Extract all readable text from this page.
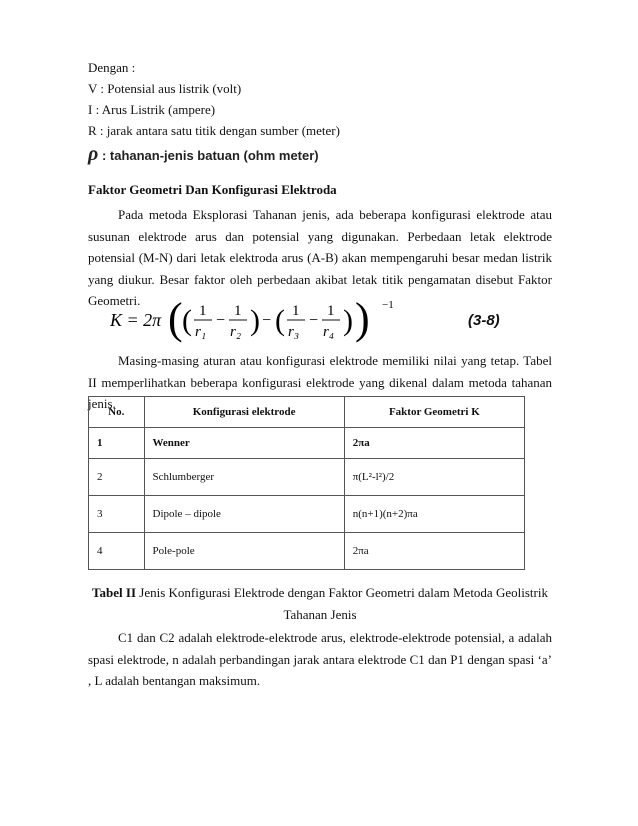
Dengan :
V : Potensial aus listrik (volt)
I : Arus Listrik (ampere)
R : jarak antara satu titik dengan sumber (meter)
ρ : tahanan-jenis batuan (ohm meter)
Faktor Geometri Dan Konfigurasi Elektroda

Pada metoda Eksplorasi Tahanan jenis, ada beberapa konfigurasi elektrode atau susunan elektrode arus dan potensial yang digunakan. Perbedaan letak elektrode potensial (M-N) dari letak elektroda arus (A-B) akan mempengaruhi besar medan listrik yang diukur. Besar faktor oleh perbedaan akibat letak titik pengamatan disebut Faktor Geometri.

K = 2π ( ( 1
r₁
−
1
r₂ ) − ( 1
r₃
−
1
r₄ ) ) −1
(3-8)

Masing-masing aturan atau konfigurasi elektrode memiliki nilai yang tetap. Tabel II memperlihatkan beberapa konfigurasi elektrode yang dikenal dalam metoda tahanan jenis.

No.	Konfigurasi elektrode	Faktor Geometri K
1	Wenner	2πa
2	Schlumberger	π(L²-l²)/2
3	Dipole – dipole	n(n+1)(n+2)πa
4	Pole-pole	2πa
Tabel II Jenis Konfigurasi Elektrode dengan Faktor Geometri dalam Metoda Geolistrik Tahanan Jenis

C1 dan C2 adalah elektrode-elektrode arus, elektrode-elektrode potensial, a adalah spasi elektrode, n adalah perbandingan jarak antara elektrode C1 dan P1 dengan spasi ‘a’ , L adalah bentangan maksimum.
